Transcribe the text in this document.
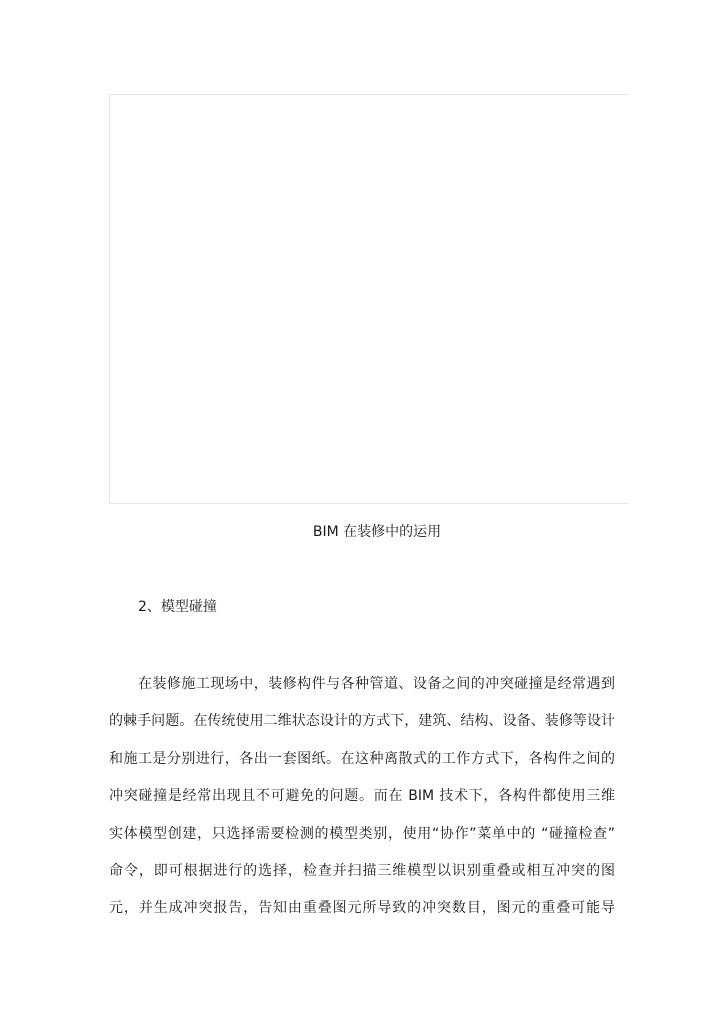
BIM 在装修中的运用
2、模型碰撞
在装修施工现场中，装修构件与各种管道、设备之间的冲突碰撞是经常遇到
的棘手问题。在传统使用二维状态设计的方式下，建筑、结构、设备、装修等设计
和施工是分别进行，各出一套图纸。在这种离散式的工作方式下，各构件之间的
冲突碰撞是经常出现且不可避免的问题。而在 BIM 技术下，各构件都使用三维
实体模型创建，只选择需要检测的模型类别，使用“协作”菜单中的 “碰撞检查”
命令，即可根据进行的选择，检查并扫描三维模型以识别重叠或相互冲突的图
元，并生成冲突报告，告知由重叠图元所导致的冲突数目，图元的重叠可能导
